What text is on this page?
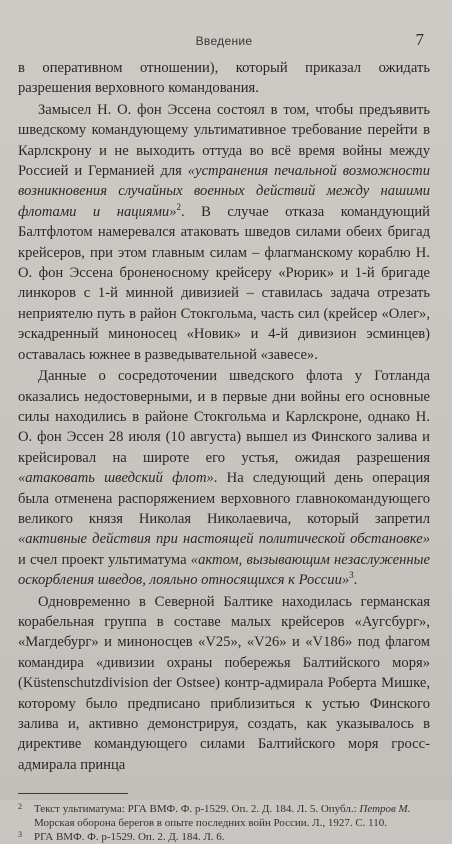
Введение	7

в оперативном отношении), который приказал ожидать разрешения верховного командования.

Замысел Н. О. фон Эссена состоял в том, чтобы предъявить шведскому командующему ультимативное требование перейти в Карлскрону и не выходить оттуда во всё время войны между Россией и Германией для «устранения печальной возможности возникновения случайных военных действий между нашими флотами и нациями»$^2$. В случае отказа командующий Балтфлотом намеревался атаковать шведов силами обеих бригад крейсеров, при этом главным силам – флагманскому кораблю Н. О. фон Эссена броненосному крейсеру «Рюрик» и 1-й бригаде линкоров с 1-й минной дивизией – ставилась задача отрезать неприятелю путь в район Стокгольма, часть сил (крейсер «Олег», эскадренный миноносец «Новик» и 4-й дивизион эсминцев) оставалась южнее в разведывательной «завесе».

Данные о сосредоточении шведского флота у Готланда оказались недостоверными, и в первые дни войны его основные силы находились в районе Стокгольма и Карлскроне, однако Н. О. фон Эссен 28 июля (10 августа) вышел из Финского залива и крейсировал на широте его устья, ожидая разрешения «атаковать шведский флот». На следующий день операция была отменена распоряжением верховного главнокомандующего великого князя Николая Николаевича, который запретил «активные действия при настоящей политической обстановке» и счел проект ультиматума «актом, вызывающим незаслуженные оскорбления шведов, лояльно относящихся к России»$^3$.

Одновременно в Северной Балтике находилась германская корабельная группа в составе малых крейсеров «Аугсбург», «Магдебург» и миноносцев «V25», «V26» и «V186» под флагом командира «дивизии охраны побережья Балтийского моря» (Küstenschutzdivision der Ostsee) контр-адмирала Роберта Мишке, которому было предписано приблизиться к устью Финского залива и, активно демонстрируя, создать, как указывалось в директиве командующего силами Балтийского моря гросс-адмирала принца

2	Текст ультиматума: РГА ВМФ. Ф. р-1529. Оп. 2. Д. 184. Л. 5. Опубл.: Петров М. Морская оборона берегов в опыте последних войн России. Л., 1927. С. 110.
3	РГА ВМФ. Ф. р-1529. Оп. 2. Д. 184. Л. 6.
